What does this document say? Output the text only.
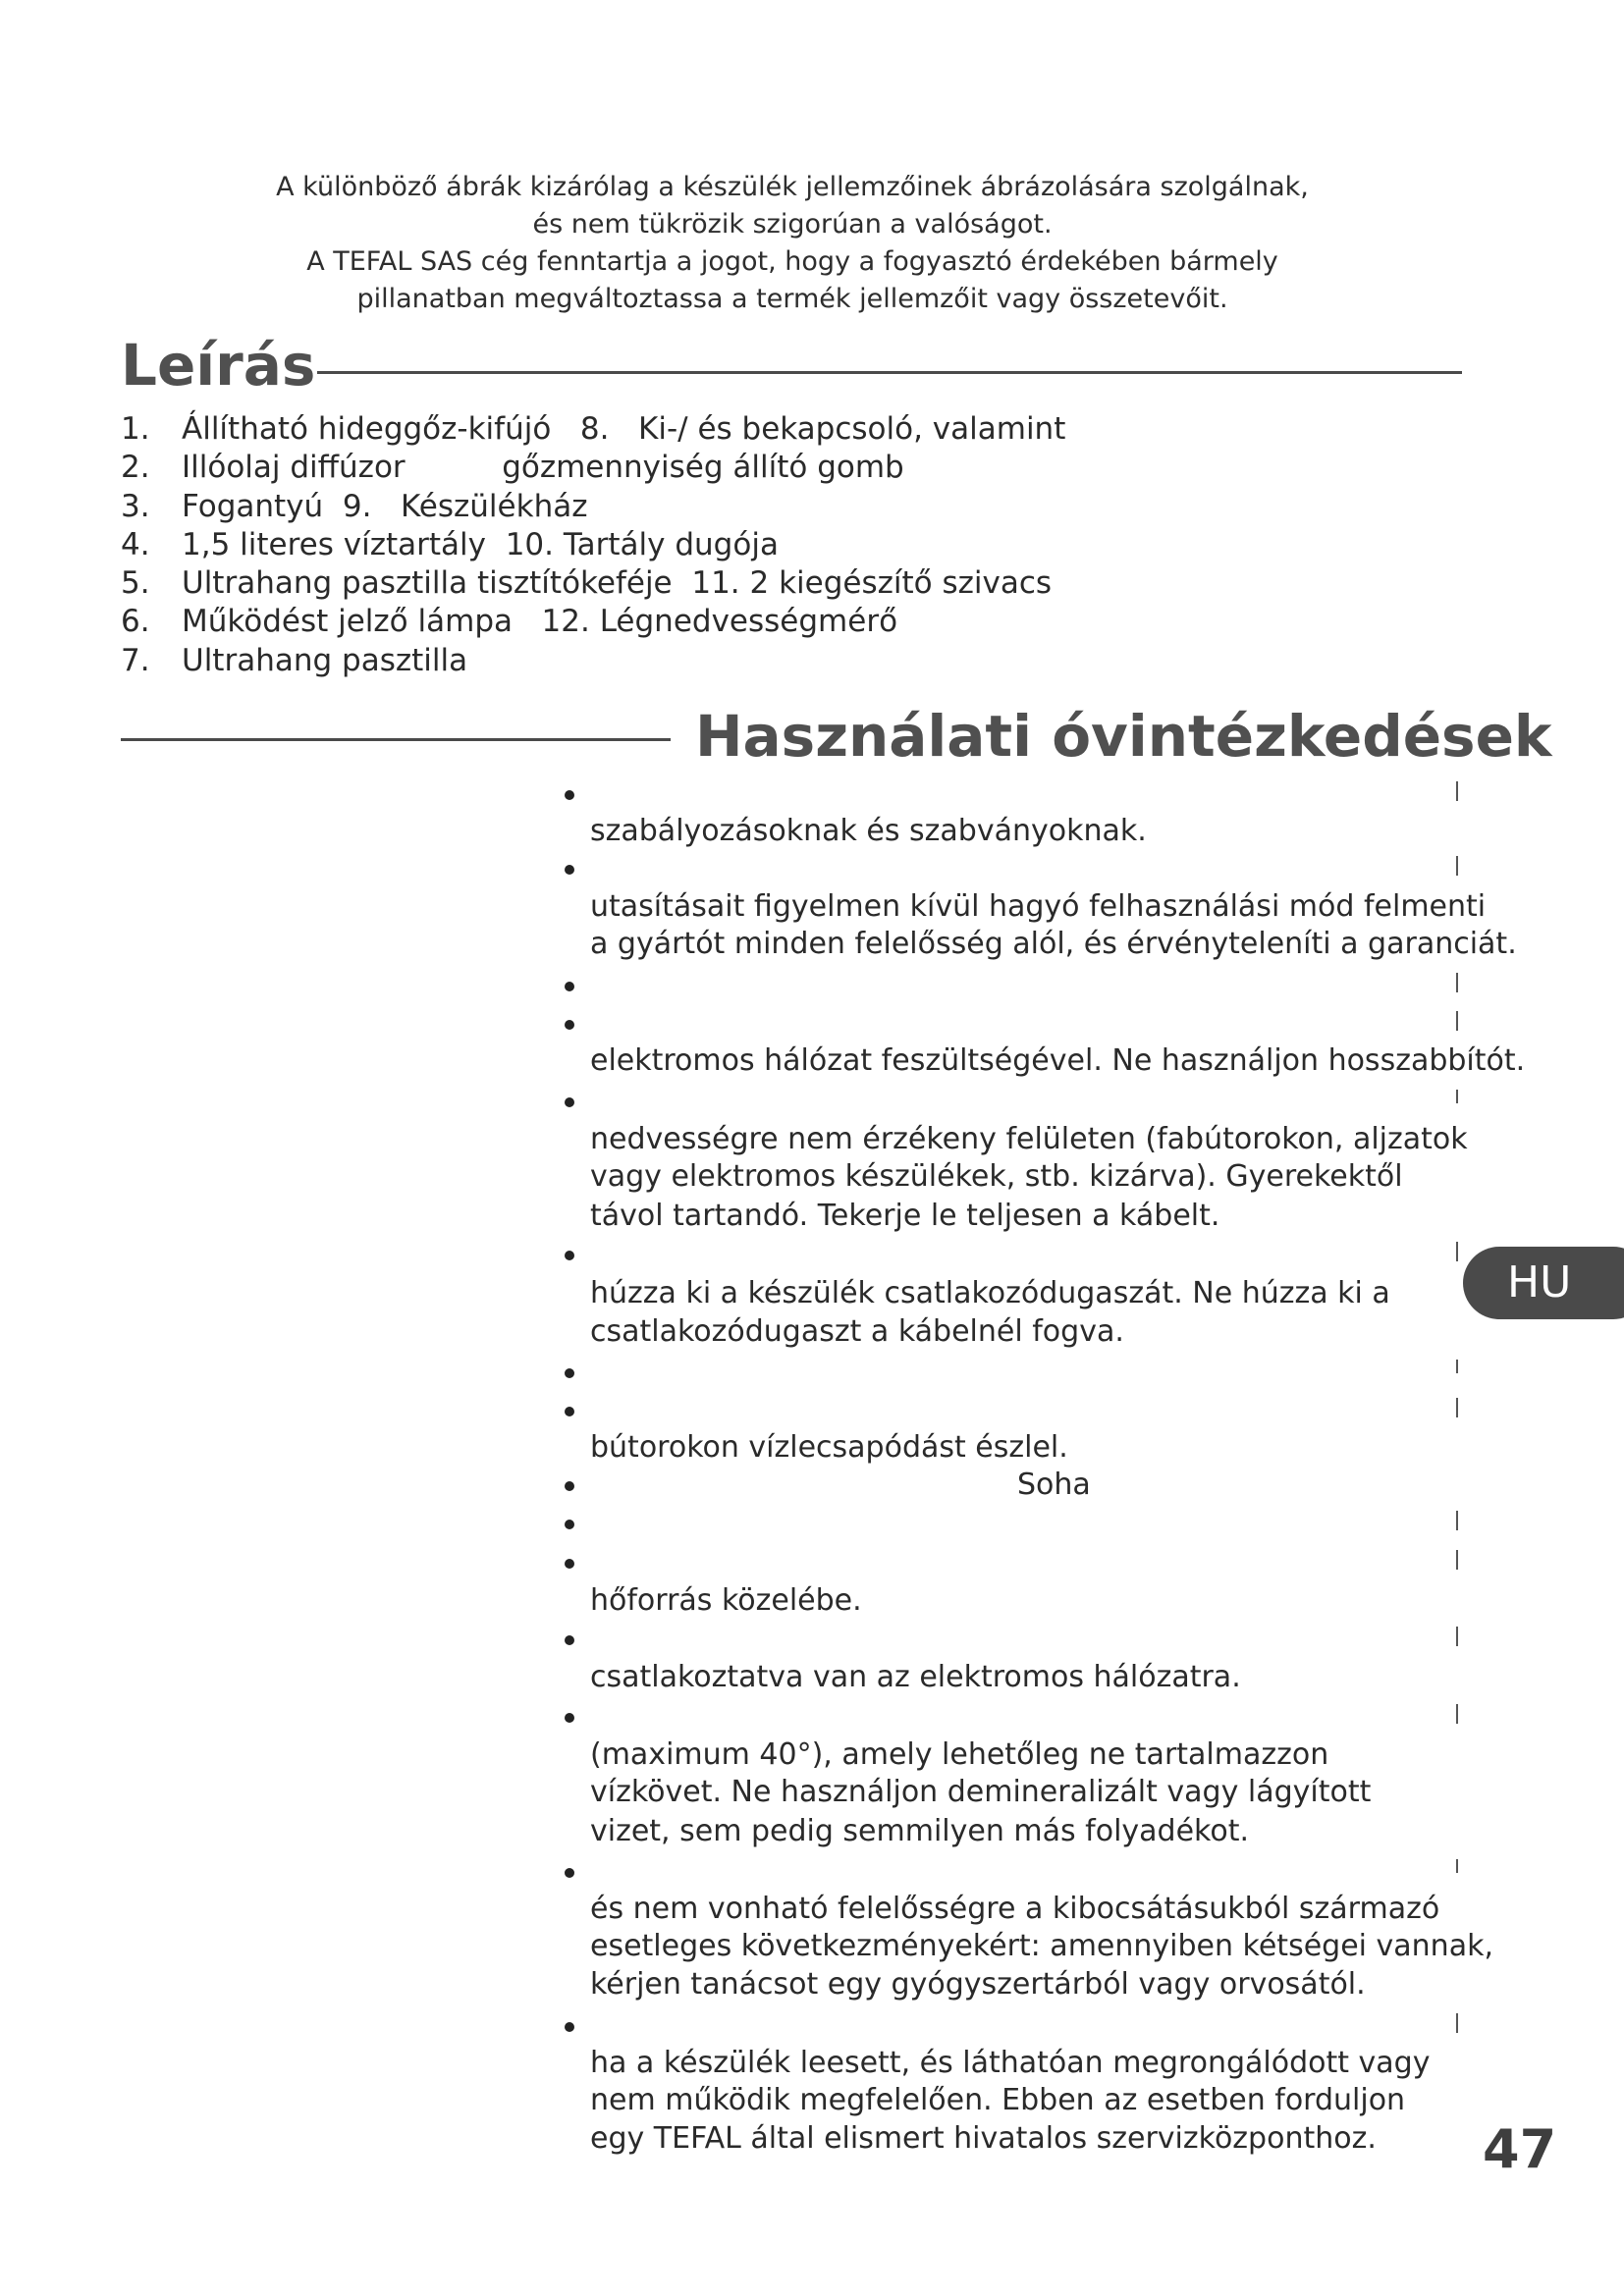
A különböző ábrák kizárólag a készülék jellemzőinek ábrázolására szolgálnak,
és nem tükrözik szigorúan a valóságot.
A TEFAL SAS cég fenntartja a jogot, hogy a fogyasztó érdekében bármely
pillanatban megváltoztassa a termék jellemzőit vagy összetevőit.
Leírás
1. Állítható hideggőz-kifújó   8.   Ki-/ és bekapcsoló, valamint
2. Illóolaj diffúzor          gőzmennyiség állító gomb
3. Fogantyú  9.   Készülékház
4. 1,5 literes víztartály  10. Tartály dugója
5. Ultrahang pasztilla tisztítókeféje  11. 2 kiegészítő szivacs
6. Működést jelző lámpa   12. Légnedvességmérő
7. Ultrahang pasztilla
Használati óvintézkedések
szabályozásoknak és szabványoknak.
utasításait figyelmen kívül hagyó felhasználási mód felmenti
a gyártót minden felelősség alól, és érvényteleníti a garanciát.
elektromos hálózat feszültségével. Ne használjon hosszabbítót.
nedvességre nem érzékeny felületen (fabútorokon, aljzatok
vagy elektromos készülékek, stb. kizárva). Gyerekektől
távol tartandó. Tekerje le teljesen a kábelt.
húzza ki a készülék csatlakozódugaszát. Ne húzza ki a
csatlakozódugaszt a kábelnél fogva.
bútorokon vízlecsapódást észlel.
Soha
hőforrás közelébe.
csatlakoztatva van az elektromos hálózatra.
(maximum 40°), amely lehetőleg ne tartalmazzon
vízkövet. Ne használjon demineralizált vagy lágyított
vizet, sem pedig semmilyen más folyadékot.
és nem vonható felelősségre a kibocsátásukból származó
esetleges következményekért: amennyiben kétségei vannak,
kérjen tanácsot egy gyógyszertárból vagy orvosától.
ha a készülék leesett, és láthatóan megrongálódott vagy
nem működik megfelelően. Ebben az esetben forduljon
egy TEFAL által elismert hivatalos szervizközponthoz.
HU
47
